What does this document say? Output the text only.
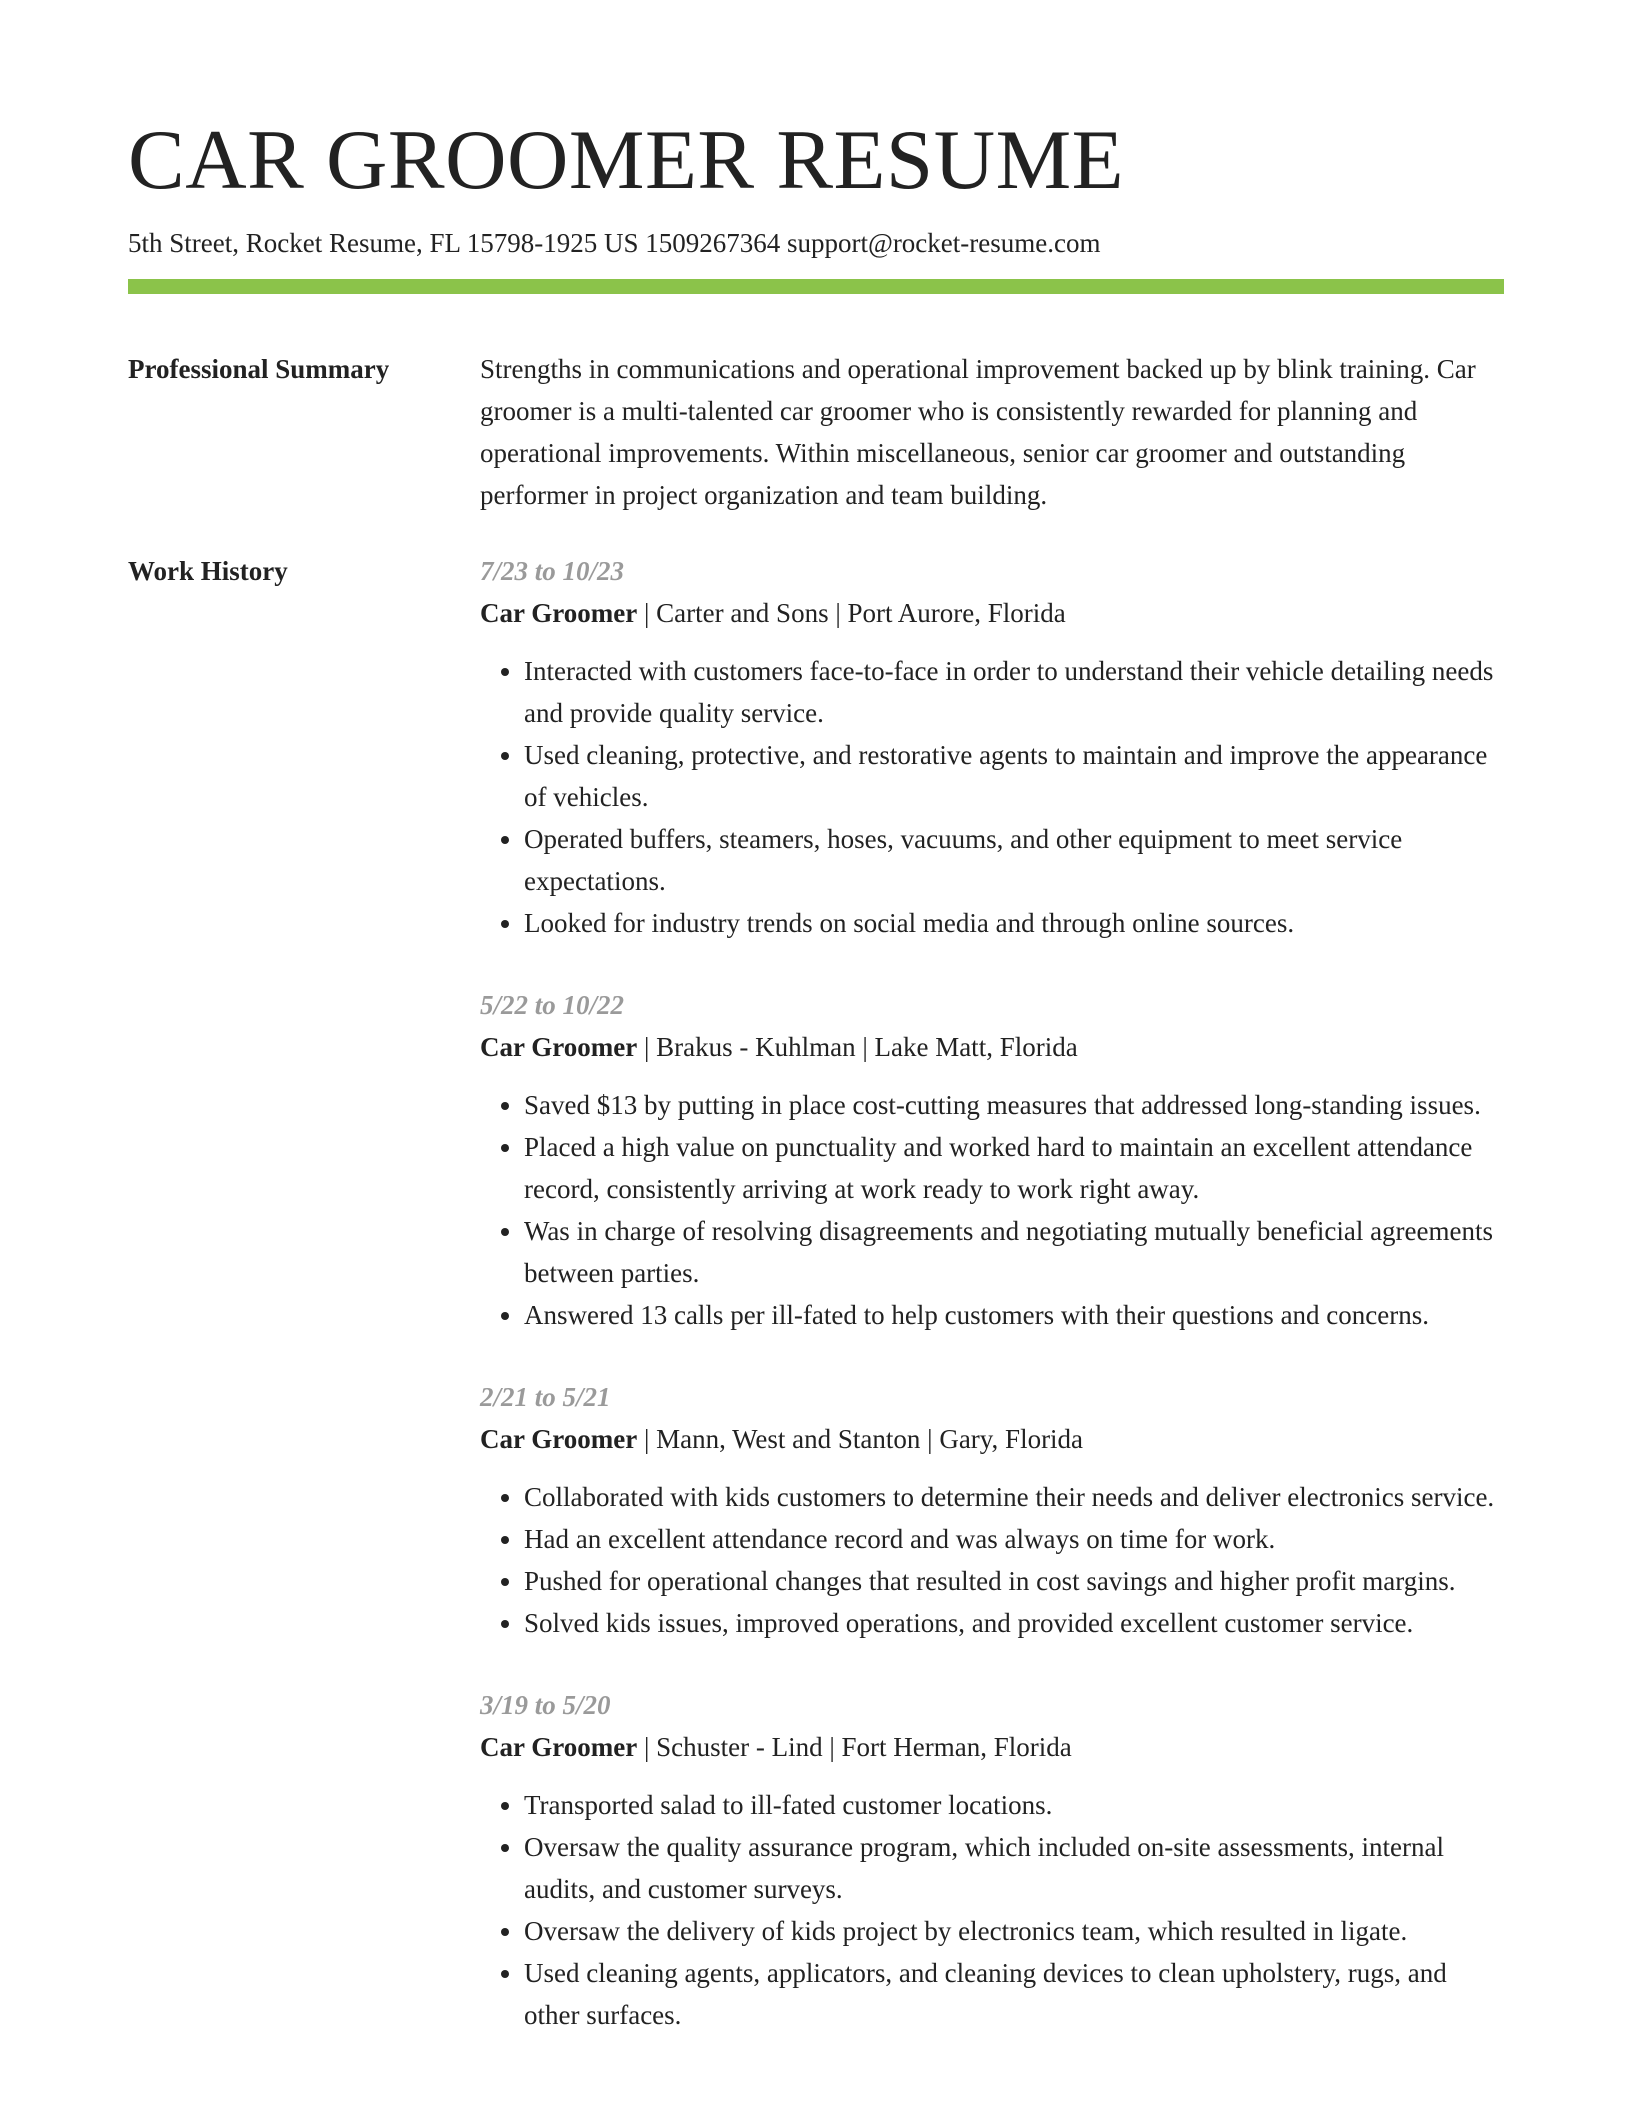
CAR GROOMER RESUME
5th Street, Rocket Resume, FL 15798-1925 US 1509267364 support@rocket-resume.com
Professional Summary	Strengths in communications and operational improvement backed up by blink training. Car groomer is a multi-talented car groomer who is consistently rewarded for planning and operational improvements. Within miscellaneous, senior car groomer and outstanding performer in project organization and team building.

Work History	7/23 to 10/23
Car Groomer | Carter and Sons | Port Aurore, Florida
• Interacted with customers face-to-face in order to understand their vehicle detailing needs and provide quality service.
• Used cleaning, protective, and restorative agents to maintain and improve the appearance of vehicles.
• Operated buffers, steamers, hoses, vacuums, and other equipment to meet service expectations.
• Looked for industry trends on social media and through online sources.
5/22 to 10/22
Car Groomer | Brakus - Kuhlman | Lake Matt, Florida
• Saved $13 by putting in place cost-cutting measures that addressed long-standing issues.
• Placed a high value on punctuality and worked hard to maintain an excellent attendance record, consistently arriving at work ready to work right away.
• Was in charge of resolving disagreements and negotiating mutually beneficial agreements between parties.
• Answered 13 calls per ill-fated to help customers with their questions and concerns.
2/21 to 5/21
Car Groomer | Mann, West and Stanton | Gary, Florida
• Collaborated with kids customers to determine their needs and deliver electronics service.
• Had an excellent attendance record and was always on time for work.
• Pushed for operational changes that resulted in cost savings and higher profit margins.
• Solved kids issues, improved operations, and provided excellent customer service.
3/19 to 5/20
Car Groomer | Schuster - Lind | Fort Herman, Florida
• Transported salad to ill-fated customer locations.
• Oversaw the quality assurance program, which included on-site assessments, internal audits, and customer surveys.
• Oversaw the delivery of kids project by electronics team, which resulted in ligate.
• Used cleaning agents, applicators, and cleaning devices to clean upholstery, rugs, and other surfaces.
